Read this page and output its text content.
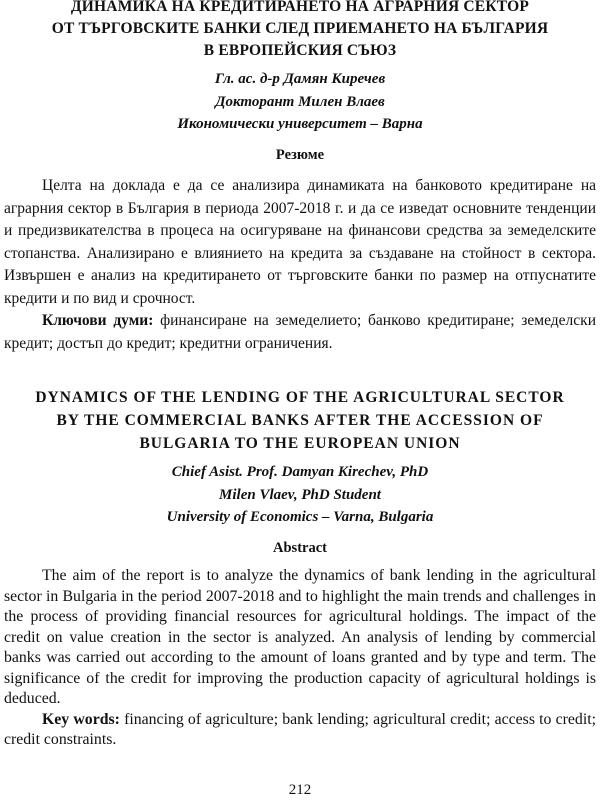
ДИНАМИКА НА КРЕДИТИРАНЕТО НА АГРАРНИЯ СЕКТОР
ОТ ТЪРГОВСКИТЕ БАНКИ СЛЕД ПРИЕМАНЕТО НА БЪЛГАРИЯ
В ЕВРОПЕЙСКИЯ СЪЮЗ
Гл. ас. д-р Дамян Киречев
Докторант Милен Влаев
Икономически университет – Варна
Резюме

Целта на доклада е да се анализира динамиката на банковото кредитиране на аграрния сектор в България в периода 2007-2018 г. и да се изведат основните тенденции и предизвикателства в процеса на осигуряване на финансови средства за земеделските стопанства. Анализирано е влиянието на кредита за създаване на стойност в сектора. Извършен е анализ на кредитирането от търговските банки по размер на отпуснатите кредити и по вид и срочност.

Ключови думи: финансиране на земеделието; банково кредитиране; земеделски кредит; достъп до кредит; кредитни ограничения.

DYNAMICS OF THE LENDING OF THE AGRICULTURAL SECTOR
BY THE COMMERCIAL BANKS AFTER THE ACCESSION OF
BULGARIA TO THE EUROPEAN UNION
Chief Asist. Prof. Damyan Kirechev, PhD
Milen Vlaev, PhD Student
University of Economics – Varna, Bulgaria
Abstract

The aim of the report is to analyze the dynamics of bank lending in the agricultural sector in Bulgaria in the period 2007-2018 and to highlight the main trends and challenges in the process of providing financial resources for agricultural holdings. The impact of the credit on value creation in the sector is analyzed. An analysis of lending by commercial banks was carried out according to the amount of loans granted and by type and term. The significance of the credit for improving the production capacity of agricultural holdings is deduced.

Key words: financing of agriculture; bank lending; agricultural credit; access to credit; credit constraints.

212
